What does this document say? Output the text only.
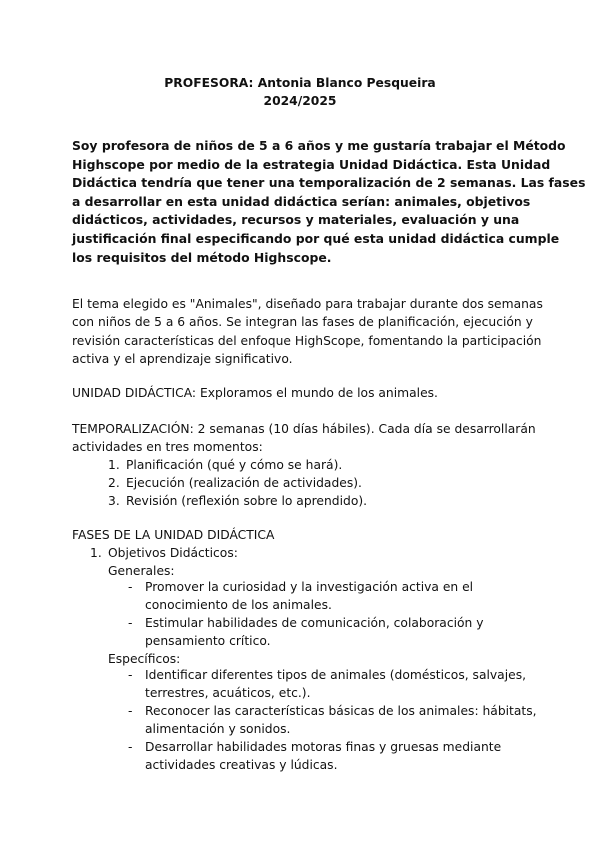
PROFESORA: Antonia Blanco Pesqueira
2024/2025
Soy profesora de niños de 5 a 6 años y me gustaría trabajar el Método
Highscope por medio de la estrategia Unidad Didáctica. Esta Unidad
Didáctica tendría que tener una temporalización de 2 semanas. Las fases
a desarrollar en esta unidad didáctica serían: animales, objetivos
didácticos, actividades, recursos y materiales, evaluación y una
justificación final especificando por qué esta unidad didáctica cumple
los requisitos del método Highscope.
El tema elegido es "Animales", diseñado para trabajar durante dos semanas
con niños de 5 a 6 años. Se integran las fases de planificación, ejecución y
revisión características del enfoque HighScope, fomentando la participación
activa y el aprendizaje significativo.
UNIDAD DIDÁCTICA: Exploramos el mundo de los animales.
TEMPORALIZACIÓN: 2 semanas (10 días hábiles). Cada día se desarrollarán
actividades en tres momentos:
1. Planificación (qué y cómo se hará).
2. Ejecución (realización de actividades).
3. Revisión (reflexión sobre lo aprendido).
FASES DE LA UNIDAD DIDÁCTICA
1. Objetivos Didácticos:
Generales:
- Promover la curiosidad y la investigación activa en el
conocimiento de los animales.
- Estimular habilidades de comunicación, colaboración y
pensamiento crítico.
Específicos:
- Identificar diferentes tipos de animales (domésticos, salvajes,
terrestres, acuáticos, etc.).
- Reconocer las características básicas de los animales: hábitats,
alimentación y sonidos.
- Desarrollar habilidades motoras finas y gruesas mediante
actividades creativas y lúdicas.
